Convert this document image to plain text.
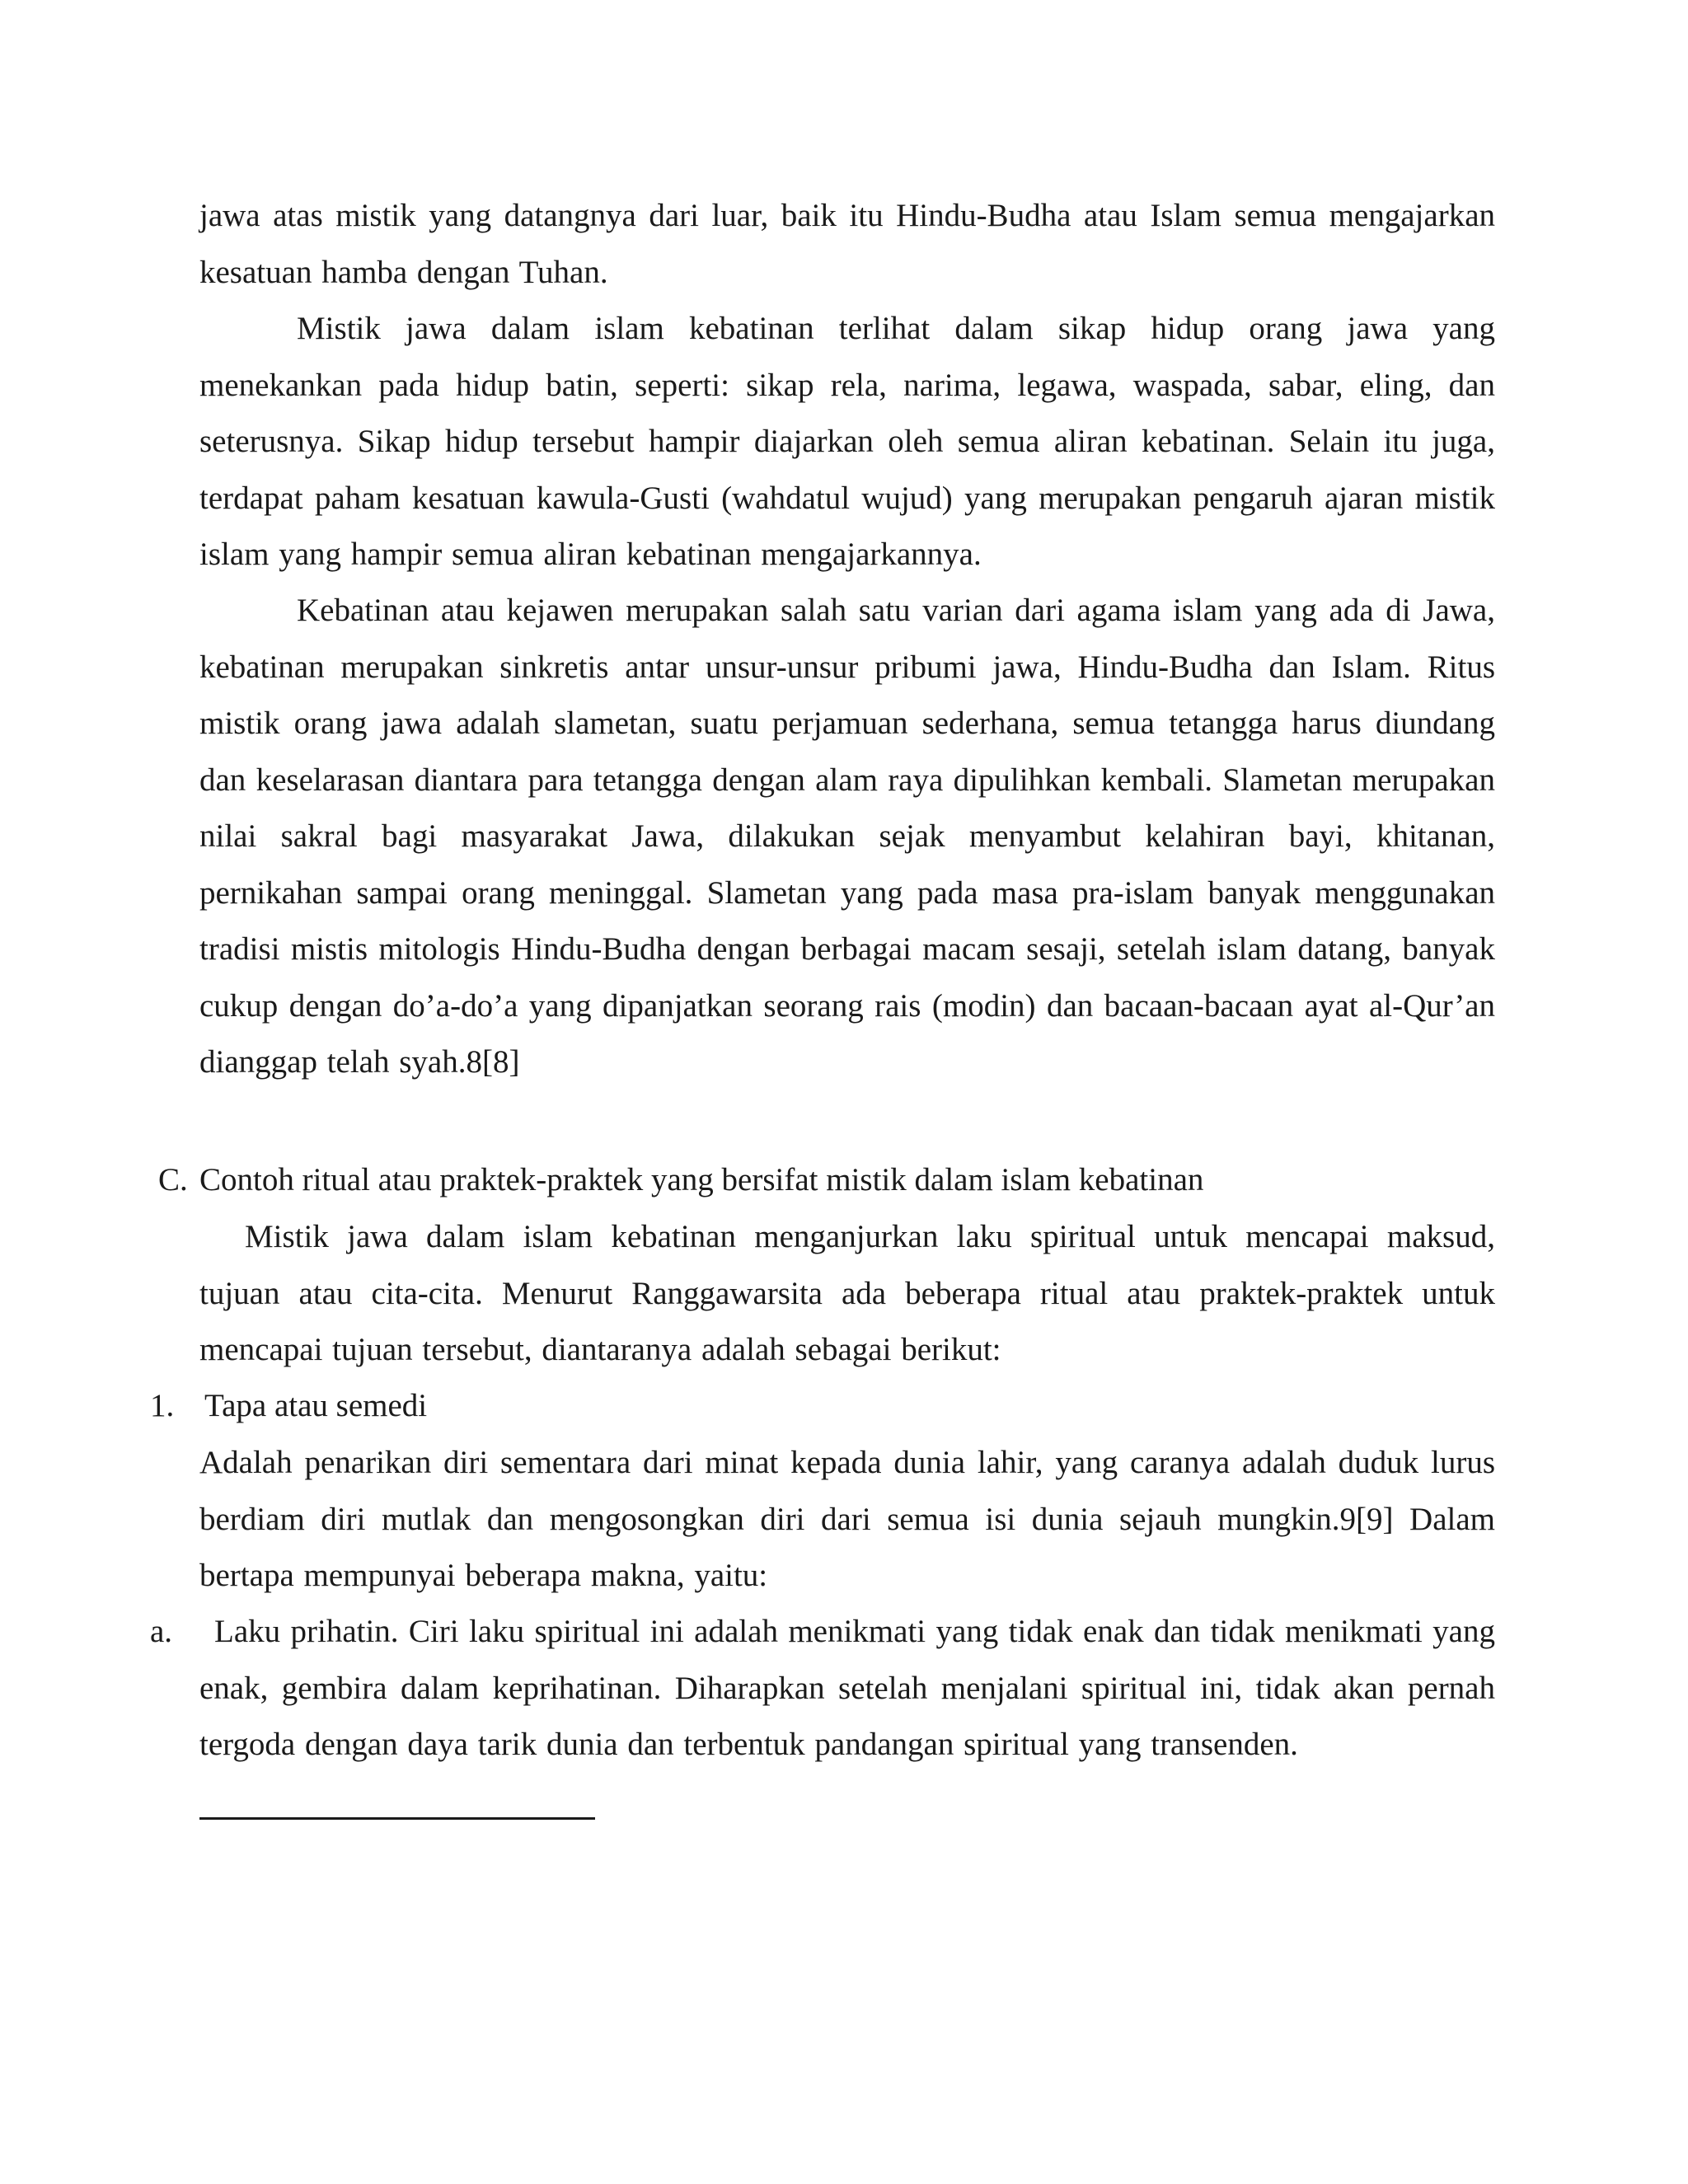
jawa atas mistik yang datangnya dari luar, baik itu Hindu-Budha atau Islam semua mengajarkan kesatuan hamba dengan Tuhan.

Mistik jawa dalam islam kebatinan terlihat dalam sikap hidup orang jawa yang menekankan pada hidup batin, seperti: sikap rela, narima, legawa, waspada, sabar, eling, dan seterusnya. Sikap hidup tersebut hampir diajarkan oleh semua aliran kebatinan. Selain itu juga, terdapat paham kesatuan kawula-Gusti (wahdatul wujud) yang merupakan pengaruh ajaran mistik islam yang hampir semua aliran kebatinan mengajarkannya.

Kebatinan atau kejawen merupakan salah satu varian dari agama islam yang ada di Jawa, kebatinan merupakan sinkretis antar unsur-unsur pribumi jawa, Hindu-Budha dan Islam. Ritus mistik orang jawa adalah slametan, suatu perjamuan sederhana, semua tetangga harus diundang dan keselarasan diantara para tetangga dengan alam raya dipulihkan kembali. Slametan merupakan nilai sakral bagi masyarakat Jawa, dilakukan sejak menyambut kelahiran bayi, khitanan, pernikahan sampai orang meninggal. Slametan yang pada masa pra-islam banyak menggunakan tradisi mistis mitologis Hindu-Budha dengan berbagai macam sesaji, setelah islam datang, banyak cukup dengan do’a-do’a yang dipanjatkan seorang rais (modin) dan bacaan-bacaan ayat al-Qur’an dianggap telah syah.8[8]

C. Contoh ritual atau praktek-praktek yang bersifat mistik dalam islam kebatinan

Mistik jawa dalam islam kebatinan menganjurkan laku spiritual untuk mencapai maksud, tujuan atau cita-cita. Menurut Ranggawarsita ada beberapa ritual atau praktek-praktek untuk mencapai tujuan tersebut, diantaranya adalah sebagai berikut:

1. Tapa atau semedi

Adalah penarikan diri sementara dari minat kepada dunia lahir, yang caranya adalah duduk lurus berdiam diri mutlak dan mengosongkan diri dari semua isi dunia sejauh mungkin.9[9] Dalam bertapa mempunyai beberapa makna, yaitu:

a.	Laku prihatin. Ciri laku spiritual ini adalah menikmati yang tidak enak dan tidak menikmati yang enak, gembira dalam keprihatinan. Diharapkan setelah menjalani spiritual ini, tidak akan pernah tergoda dengan daya tarik dunia dan terbentuk pandangan spiritual yang transenden.
